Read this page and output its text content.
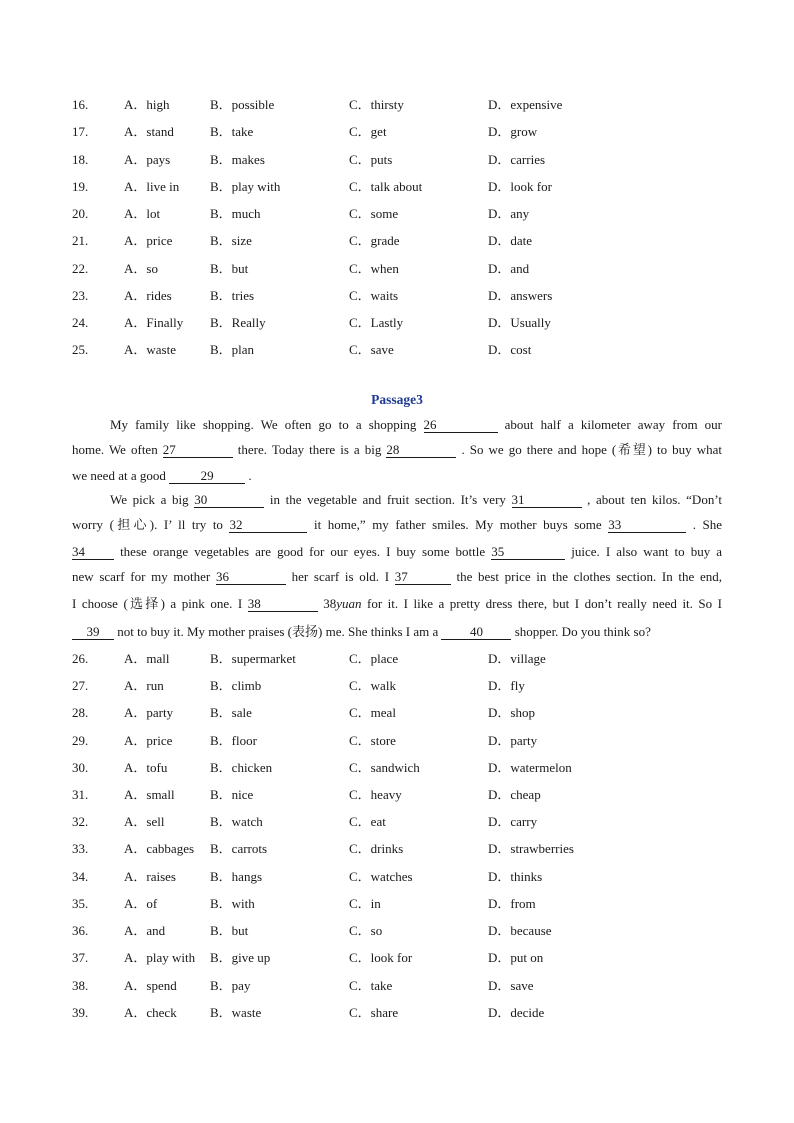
16.	A．high	B．possible	C．thirsty	D．expensive
17.	A．stand	B．take	C．get	D．grow
18.	A．pays	B．makes	C．puts	D．carries
19.	A．live in B．play with	C．talk about	D．look for
20.	A．lot	B．much	C．some	D．any
21.	A．price	B．size	C．grade	D．date
22.	A．so	B．but	C．when	D．and
23.	A．rides	B．tries	C．waits	D．answers
24.	A．Finally B．Really	C．Lastly	D．Usually
25.	A．waste	B．plan	C．save	D．cost
Passage3
My family like shopping. We often go to a shopping 26	about half a kilometer away from our
home. We often 27	there. Today there is a big 28	. So we go there and hope (希望) to buy what
we need at a good	29	.
We pick a big 30	in the vegetable and fruit section. It’s very 31	, about ten kilos. “Don’t
worry (担心). I’ ll try to 32	it home,” my father smiles. My mother buys some 33	. She
34	these orange vegetables are good for our eyes. I buy some bottle 35	juice. I also want to buy a
new scarf for my mother 36	her scarf is old. I 37	the best price in the clothes section. In the end,
I choose (选择) a pink one. I 38	38yuan for it. I like a pretty dress there, but I don’t really need it. So I
39 not to buy it. My mother praises (表扬) me. She thinks I am a 40 shopper. Do you think so?
26.	A．mall	B．supermarket	C．place	D．village
27.	A．run	B．climb	C．walk	D．fly
28.	A．party	B．sale	C．meal	D．shop
29.	A．price	B．floor	C．store	D．party
30.	A．tofu	B．chicken	C．sandwich	D．watermelon
31.	A．small	B．nice	C．heavy	D．cheap
32.	A．sell	B．watch	C．eat	D．carry
33.	A．cabbages B．carrots	C．drinks	D．strawberries
34.	A．raises	B．hangs	C．watches	D．thinks
35.	A．of	B．with	C．in	D．from
36.	A．and	B．but	C．so	D．because
37.	A．play with B．give up	C．look for	D．put on
38.	A．spend	B．pay	C．take	D．save
39.	A．check	B．waste	C．share	D．decide
